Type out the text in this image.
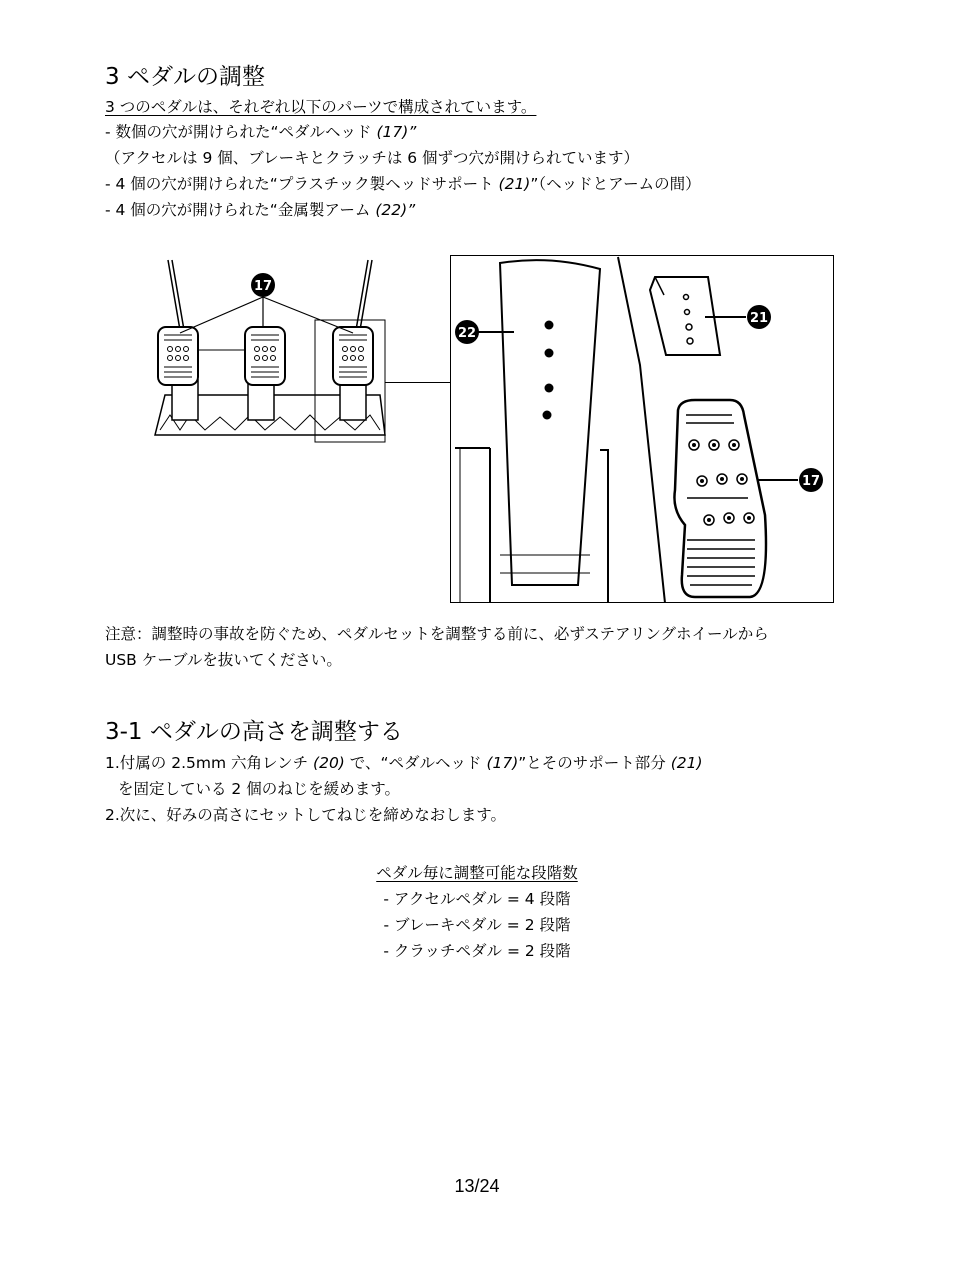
3 ペダルの調整
3 つのペダルは、それぞれ以下のパーツで構成されています。
- 数個の穴が開けられた“ペダルヘッド (17)”
（アクセルは 9 個、ブレーキとクラッチは 6 個ずつ穴が開けられています）
- 4 個の穴が開けられた“プラスチック製ヘッドサポート (21)”（ヘッドとアームの間）
- 4 個の穴が開けられた“金属製アーム (22)”
17
22
21
17
注意：調整時の事故を防ぐため、ペダルセットを調整する前に、必ずステアリングホイールから
USB ケーブルを抜いてください。
3-1 ペダルの高さを調整する
1.付属の 2.5mm 六角レンチ (20) で、“ペダルヘッド (17)”とそのサポート部分 (21)
を固定している 2 個のねじを緩めます。
2.次に、好みの高さにセットしてねじを締めなおします。
ペダル毎に調整可能な段階数
- アクセルペダル = 4 段階
- ブレーキペダル = 2 段階
- クラッチペダル = 2 段階
13/24
